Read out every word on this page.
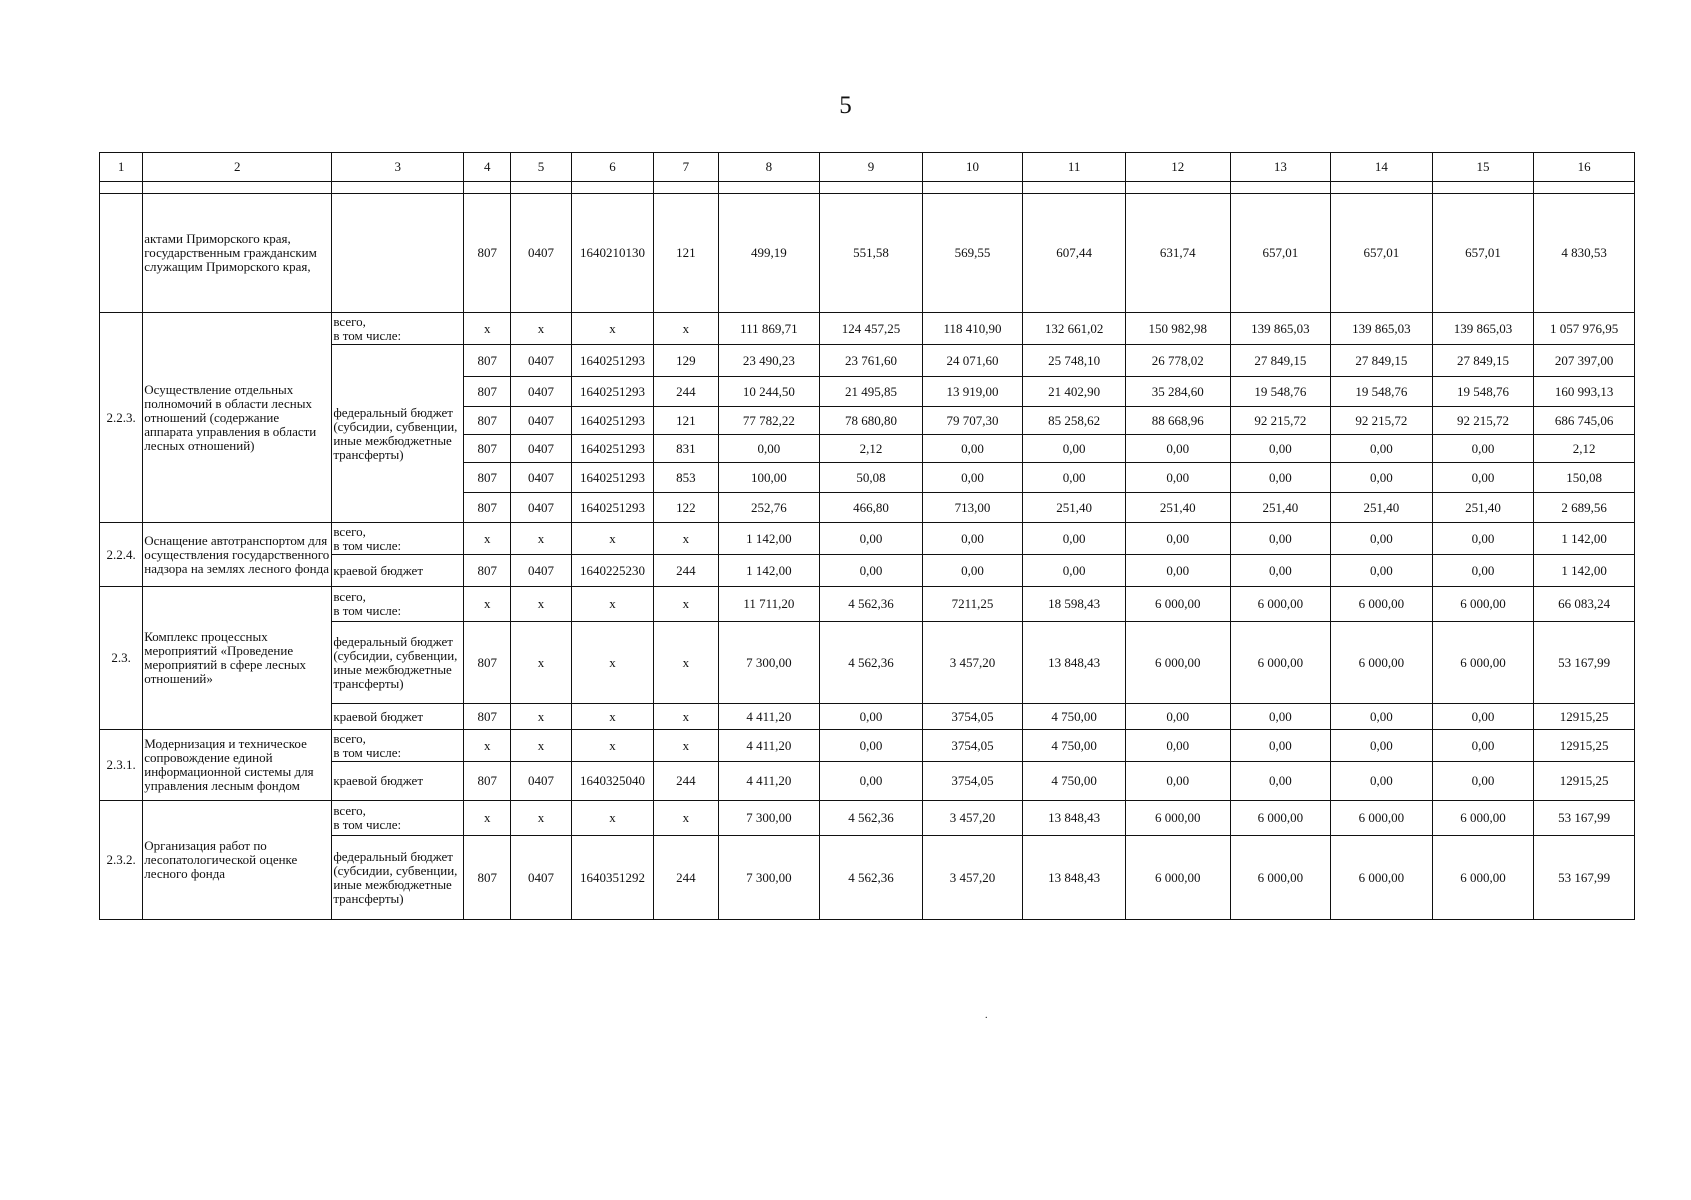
5
1	2	3	4	5	6	7	8	9	10	11	12	13	14	15	16

	актами Приморского края, государственным гражданским служащим Приморского края,		807	0407	1640210130	121	499,19	551,58	569,55	607,44	631,74	657,01	657,01	657,01	4 830,53
2.2.3.	Осуществление отдельных полномочий в области лесных отношений (содержание аппарата управления в области лесных отношений)	всего,
в том числе:	x	x	x	x	111 869,71	124 457,25	118 410,90	132 661,02	150 982,98	139 865,03	139 865,03	139 865,03	1 057 976,95
		федеральный бюджет (субсидии, субвенции, иные межбюджетные трансферты)	807	0407	1640251293	129	23 490,23	23 761,60	24 071,60	25 748,10	26 778,02	27 849,15	27 849,15	27 849,15	207 397,00
			807	0407	1640251293	244	10 244,50	21 495,85	13 919,00	21 402,90	35 284,60	19 548,76	19 548,76	19 548,76	160 993,13
			807	0407	1640251293	121	77 782,22	78 680,80	79 707,30	85 258,62	88 668,96	92 215,72	92 215,72	92 215,72	686 745,06
			807	0407	1640251293	831	0,00	2,12	0,00	0,00	0,00	0,00	0,00	0,00	2,12
			807	0407	1640251293	853	100,00	50,08	0,00	0,00	0,00	0,00	0,00	0,00	150,08
			807	0407	1640251293	122	252,76	466,80	713,00	251,40	251,40	251,40	251,40	251,40	2 689,56
2.2.4.	Оснащение автотранспортом для осуществления государственного надзора на землях лесного фонда	всего,
в том числе:	x	x	x	x	1 142,00	0,00	0,00	0,00	0,00	0,00	0,00	0,00	1 142,00
		краевой бюджет	807	0407	1640225230	244	1 142,00	0,00	0,00	0,00	0,00	0,00	0,00	0,00	1 142,00
2.3.	Комплекс процессных мероприятий «Проведение мероприятий в сфере лесных отношений»	всего,
в том числе:	x	x	x	x	11 711,20	4 562,36	7211,25	18 598,43	6 000,00	6 000,00	6 000,00	6 000,00	66 083,24
		федеральный бюджет (субсидии, субвенции, иные межбюджетные трансферты)	807	x	x	x	7 300,00	4 562,36	3 457,20	13 848,43	6 000,00	6 000,00	6 000,00	6 000,00	53 167,99
		краевой бюджет	807	x	x	x	4 411,20	0,00	3754,05	4 750,00	0,00	0,00	0,00	0,00	12915,25
2.3.1.	Модернизация и техническое сопровождение единой информационной системы для управления лесным фондом	всего,
в том числе:	x	x	x	x	4 411,20	0,00	3754,05	4 750,00	0,00	0,00	0,00	0,00	12915,25
		краевой бюджет	807	0407	1640325040	244	4 411,20	0,00	3754,05	4 750,00	0,00	0,00	0,00	0,00	12915,25
2.3.2.	Организация работ по лесопатологической оценке лесного фонда	всего,
в том числе:	x	x	x	x	7 300,00	4 562,36	3 457,20	13 848,43	6 000,00	6 000,00	6 000,00	6 000,00	53 167,99
		федеральный бюджет (субсидии, субвенции, иные межбюджетные трансферты)	807	0407	1640351292	244	7 300,00	4 562,36	3 457,20	13 848,43	6 000,00	6 000,00	6 000,00	6 000,00	53 167,99
.
